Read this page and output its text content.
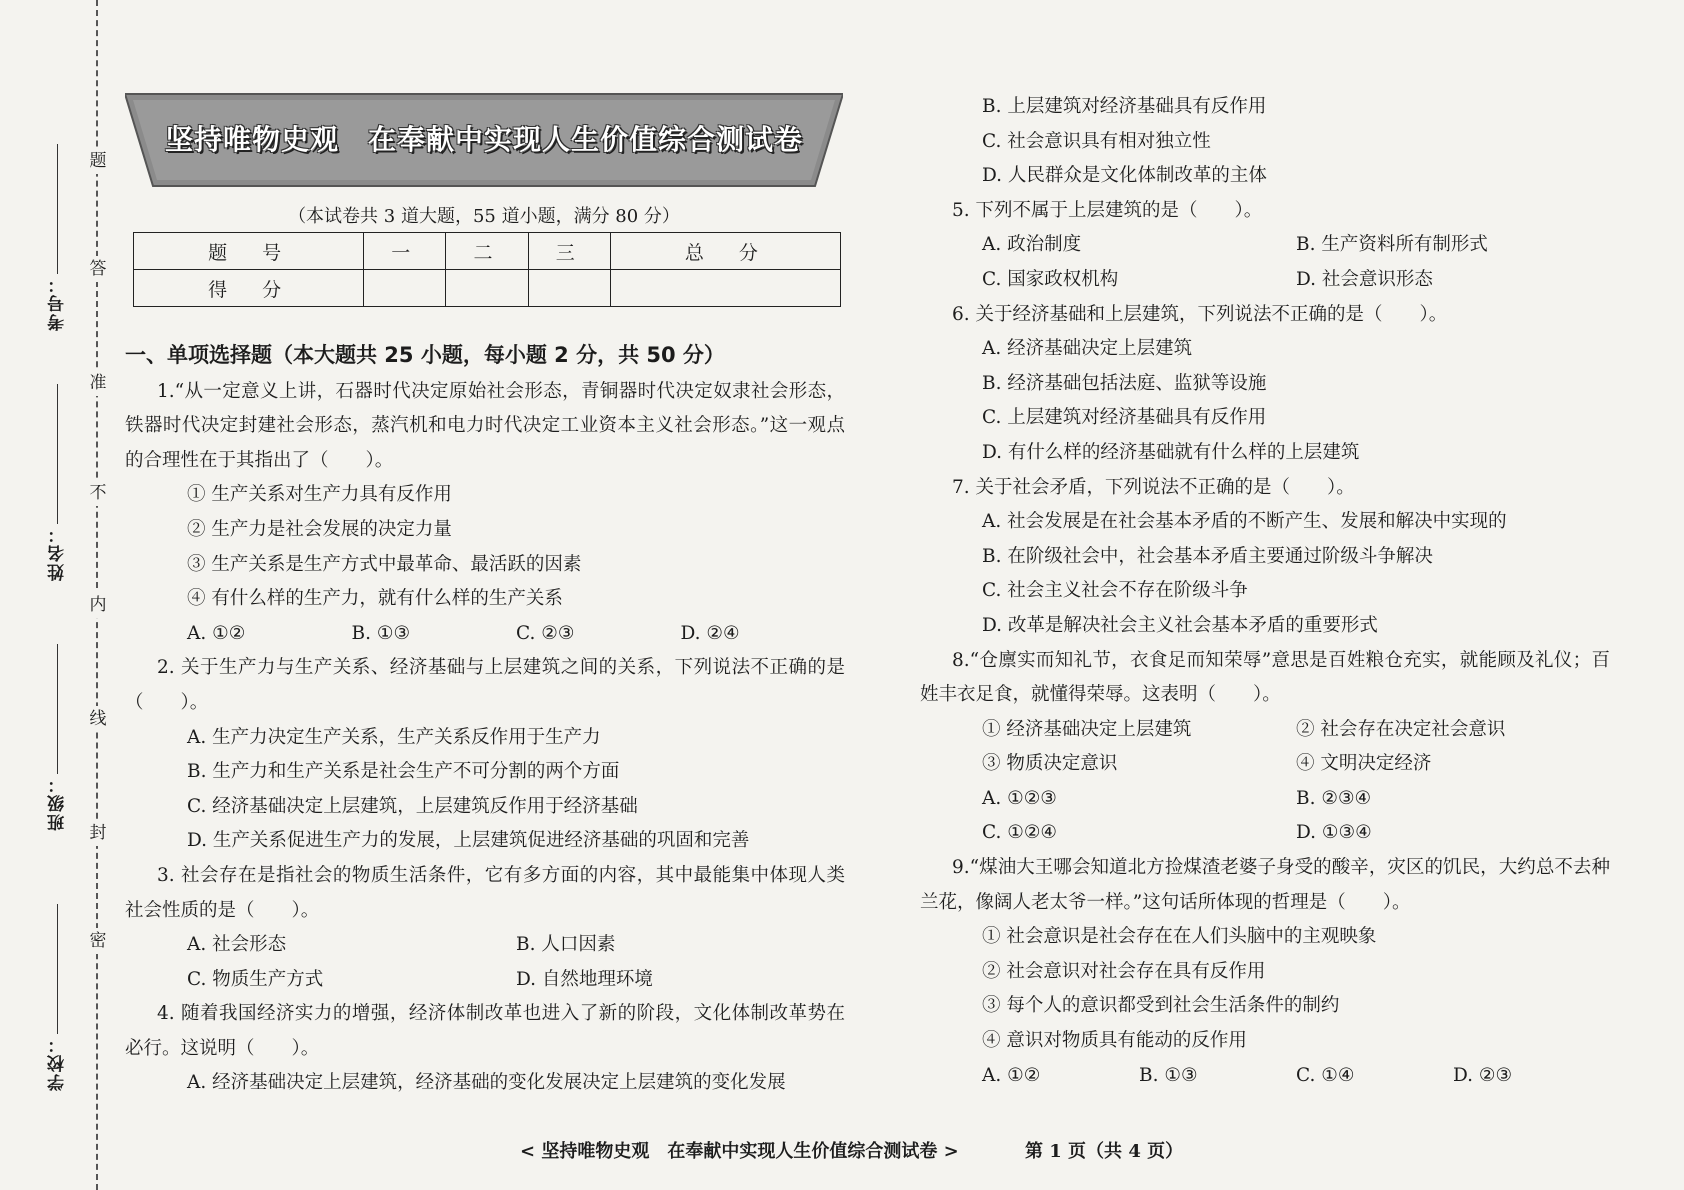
题
答
准
不
内
线
封
密
考号：
姓名：
班级：
学校：
坚持唯物史观　在奉献中实现人生价值综合测试卷
（本试卷共 3 道大题，55 道小题，满分 80 分）
题　号	一	二	三	总　分
得　分				
一、单项选择题（本大题共 25 小题，每小题 2 分，共 50 分）
1.“从一定意义上讲，石器时代决定原始社会形态，青铜器时代决定奴隶社会形态，铁器时代决定封建社会形态，蒸汽机和电力时代决定工业资本主义社会形态。”这一观点的合理性在于其指出了（　　）。
① 生产关系对生产力具有反作用
② 生产力是社会发展的决定力量
③ 生产关系是生产方式中最革命、最活跃的因素
④ 有什么样的生产力，就有什么样的生产关系
A. ①②	B. ①③	C. ②③	D. ②④
2. 关于生产力与生产关系、经济基础与上层建筑之间的关系，下列说法不正确的是（　　）。
A. 生产力决定生产关系，生产关系反作用于生产力
B. 生产力和生产关系是社会生产不可分割的两个方面
C. 经济基础决定上层建筑，上层建筑反作用于经济基础
D. 生产关系促进生产力的发展，上层建筑促进经济基础的巩固和完善
3. 社会存在是指社会的物质生活条件，它有多方面的内容，其中最能集中体现人类社会性质的是（　　）。
A. 社会形态	B. 人口因素
C. 物质生产方式	D. 自然地理环境
4. 随着我国经济实力的增强，经济体制改革也进入了新的阶段，文化体制改革势在必行。这说明（　　）。
A. 经济基础决定上层建筑，经济基础的变化发展决定上层建筑的变化发展
B. 上层建筑对经济基础具有反作用
C. 社会意识具有相对独立性
D. 人民群众是文化体制改革的主体
5. 下列不属于上层建筑的是（　　）。
A. 政治制度	B. 生产资料所有制形式
C. 国家政权机构	D. 社会意识形态
6. 关于经济基础和上层建筑，下列说法不正确的是（　　）。
A. 经济基础决定上层建筑
B. 经济基础包括法庭、监狱等设施
C. 上层建筑对经济基础具有反作用
D. 有什么样的经济基础就有什么样的上层建筑
7. 关于社会矛盾，下列说法不正确的是（　　）。
A. 社会发展是在社会基本矛盾的不断产生、发展和解决中实现的
B. 在阶级社会中，社会基本矛盾主要通过阶级斗争解决
C. 社会主义社会不存在阶级斗争
D. 改革是解决社会主义社会基本矛盾的重要形式
8.“仓廪实而知礼节，衣食足而知荣辱”意思是百姓粮仓充实，就能顾及礼仪；百姓丰衣足食，就懂得荣辱。这表明（　　）。
① 经济基础决定上层建筑	② 社会存在决定社会意识
③ 物质决定意识	④ 文明决定经济
A. ①②③	B. ②③④
C. ①②④	D. ①③④
9.“煤油大王哪会知道北方捡煤渣老婆子身受的酸辛，灾区的饥民，大约总不去种兰花，像阔人老太爷一样。”这句话所体现的哲理是（　　）。
① 社会意识是社会存在在人们头脑中的主观映象
② 社会意识对社会存在具有反作用
③ 每个人的意识都受到社会生活条件的制约
④ 意识对物质具有能动的反作用
A. ①②	B. ①③	C. ①④	D. ②③
< 坚持唯物史观　在奉献中实现人生价值综合测试卷 >	第 1 页（共 4 页）
